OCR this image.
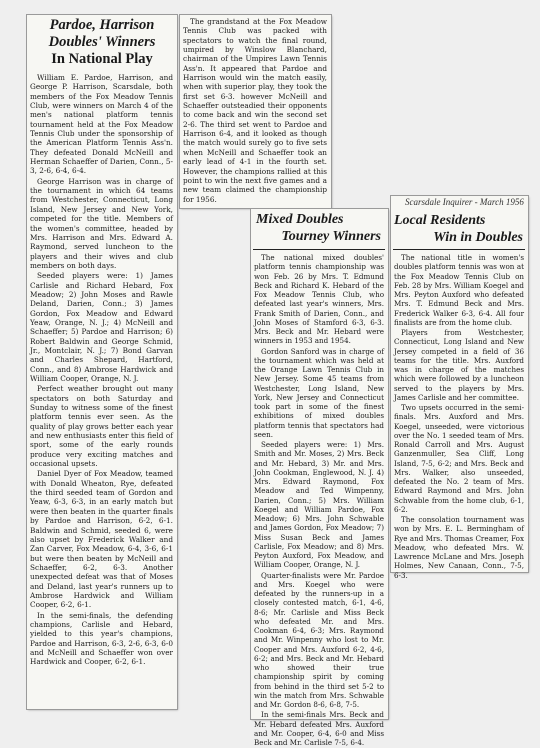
Pardoe, Harrison
Doubles' Winners
In National Play

William E. Pardoe, Harrison, and George P. Harrison, Scarsdale, both members of the Fox Meadow Tennis Club, were winners on March 4 of the men's national platform tennis tournament held at the Fox Meadow Tennis Club under the sponsorship of the American Platform Tennis Ass'n. They defeated Donald McNeill and Herman Schaeffer of Darien, Conn., 5-3, 2-6, 6-4, 6-4.

George Harrison was in charge of the tournament in which 64 teams from Westchester, Connecticut, Long Island, New Jersey and New York, competed for the title. Members of the women's committee, headed by Mrs. Harrison and Mrs. Edward A. Raymond, served luncheon to the players and their wives and club members on both days.

Seeded players were: 1) James Carlisle and Richard Hebard, Fox Meadow; 2) John Moses and Rawle Deland, Darien, Conn.; 3) James Gordon, Fox Meadow and Edward Yeaw, Orange, N. J.; 4) McNeill and Schaeffer; 5) Pardoe and Harrison; 6) Robert Baldwin and George Schmid, Jr., Montclair, N. J.; 7) Bond Garvan and Charles Shepard, Hartford, Conn., and 8) Ambrose Hardwick and William Cooper, Orange, N. J.

Perfect weather brought out many spectators on both Saturday and Sunday to witness some of the finest platform tennis ever seen. As the quality of play grows better each year and new enthusiasts enter this field of sport, some of the early rounds produce very exciting matches and occasional upsets.

Daniel Dyer of Fox Meadow, teamed with Donald Wheaton, Rye, defeated the third seeded team of Gordon and Yeaw, 6-3, 6-3, in an early match but were then beaten in the quarter finals by Pardoe and Harrison, 6-2, 6-1. Baldwin and Schmid, seeded 6, were also upset by Frederick Walker and Zan Carver, Fox Meadow, 6-4, 3-6, 6-1 but were then beaten by McNeill and Schaeffer, 6-2, 6-3. Another unexpected defeat was that of Moses and Deland, last year's runners up to Ambrose Hardwick and William Cooper, 6-2, 6-1.

In the semi-finals, the defending champions, Carlisle and Hebard, yielded to this year's champions, Pardoe and Harrison, 6-3, 2-6, 6-3, 6-0 and McNeill and Schaeffer won over Hardwick and Cooper, 6-2, 6-1.

The grandstand at the Fox Meadow Tennis Club was packed with spectators to watch the final round, umpired by Winslow Blanchard, chairman of the Umpires Lawn Tennis Ass'n. It appeared that Pardoe and Harrison would win the match easily, when with superior play, they took the first set 6-3. however McNeill and Schaeffer outsteadied their opponents to come back and win the second set 2-6. The third set went to Pardoe and Harrison 6-4, and it looked as though the match would surely go to five sets when McNeill and Schaeffer took an early lead of 4-1 in the fourth set. However, the champions rallied at this point to win the next five games and a new team claimed the championship for 1956.

Mixed Doubles
Tourney Winners

The national mixed doubles' platform tennis championship was won Feb. 26 by Mrs. T. Edmund Beck and Richard K. Hebard of the Fox Meadow Tennis Club, who defeated last year's winners, Mrs. Frank Smith of Darien, Conn., and John Moses of Stamford 6-3, 6-3. Mrs. Beck and Mr. Hebard were winners in 1953 and 1954.

Gordon Sanford was in charge of the tournament which was held at the Orange Lawn Tennis Club in New Jersey. Some 45 teams from Westchester, Long Island, New York, New Jersey and Connecticut took part in some of the finest exhibitions of mixed doubles platform tennis that spectators had seen.

Seeded players were: 1) Mrs. Smith and Mr. Moses, 2) Mrs. Beck and Mr. Hebard, 3) Mr. and Mrs. John Cookman, Englewood, N. J. 4) Mrs. Edward Raymond, Fox Meadow and Ted Wimpenny, Darien, Conn.; 5) Mrs. William Koegel and William Pardoe, Fox Meadow; 6) Mrs. John Schwable and James Gordon, Fox Meadow; 7) Miss Susan Beck and James Carlisle, Fox Meadow; and 8) Mrs. Peyton Auxford, Fox Meadow, and William Cooper, Orange, N. J.

Quarter-finalists were Mr. Pardoe and Mrs. Koegel who were defeated by the runners-up in a closely contested match, 6-1, 4-6, 8-6; Mr. Carlisle and Miss Beck who defeated Mr. and Mrs. Cookman 6-4, 6-3; Mrs. Raymond and Mr. Winpenny who lost to Mr. Cooper and Mrs. Auxford 6-2, 4-6, 6-2; and Mrs. Beck and Mr. Hebard who showed their true championship spirit by coming from behind in the third set 5-2 to win the match from Mrs. Schwable and Mr. Gordon 8-6, 6-8, 7-5.

In the semi-finals Mrs. Beck and Mr. Hebard defeated Mrs. Auxford and Mr. Cooper, 6-4, 6-0 and Miss Beck and Mr. Carlisle 7-5, 6-4.

Scarsdale Inquirer - March 1956
Local Residents
Win in Doubles

The national title in women's doubles platform tennis was won at the Fox Meadow Tennis Club on Feb. 28 by Mrs. William Koegel and Mrs. Peyton Auxford who defeated Mrs. T. Edmund Beck and Mrs. Frederick Walker 6-3, 6-4. All four finalists are from the home club.

Players from Westchester, Connecticut, Long Island and New Jersey competed in a field of 36 teams for the title. Mrs. Auxford was in charge of the matches which were followed by a luncheon served to the players by Mrs. James Carlisle and her committee.

Two upsets occurred in the semi-finals. Mrs. Auxford and Mrs. Koegel, unseeded, were victorious over the No. 1 seeded team of Mrs. Ronald Carroll and Mrs. August Ganzenmuller, Sea Cliff, Long Island, 7-5, 6-2; and Mrs. Beck and Mrs. Walker, also unseeded, defeated the No. 2 team of Mrs. Edward Raymond and Mrs. John Schwable from the home club, 6-1, 6-2.

The consolation tournament was won by Mrs. E. L. Bermingham of Rye and Mrs. Thomas Creamer, Fox Meadow, who defeated Mrs. W. Lawrence McLane and Mrs. Joseph Holmes, New Canaan, Conn., 7-5, 6-3.
